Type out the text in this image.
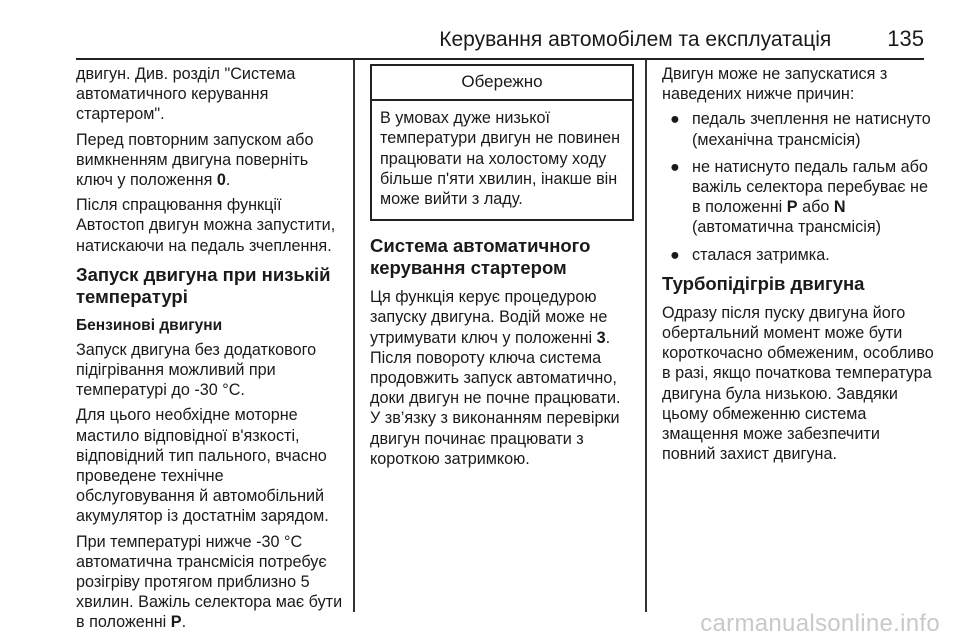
Керування автомобілем та експлуатація	135

двигун. Див. розділ "Система автоматичного керування стартером".

Перед повторним запуском або вимкненням двигуна поверніть ключ у положення 0.

Після спрацювання функції Автостоп двигун можна запустити, натискаючи на педаль зчеплення.

Запуск двигуна при низькій температурі
Бензинові двигуни

Запуск двигуна без додаткового підігрівання можливий при температурі до -30 °C.

Для цього необхідне моторне мастило відповідної в'язкості, відповідний тип пального, вчасно проведене технічне обслуговування й автомобільний акумулятор із достатнім зарядом.

При температурі нижче -30 °C автоматична трансмісія потребує розігріву протягом приблизно 5 хвилин. Важіль селектора має бути в положенні P.

Обережно
В умовах дуже низької температури двигун не повинен працювати на холостому ходу більше п'яти хвилин, інакше він може вийти з ладу.
Система автоматичного керування стартером

Ця функція керує процедурою запуску двигуна. Водій може не утримувати ключ у положенні 3. Після повороту ключа система продовжить запуск автоматично, доки двигун не почне працювати. У зв’язку з виконанням перевірки двигун починає працювати з короткою затримкою.

Двигун може не запускатися з наведених нижче причин:

● педаль зчеплення не натиснуто (механічна трансмісія)
● не натиснуто педаль гальм або важіль селектора перебуває не в положенні P або N (автоматична трансмісія)
● сталася затримка.
Турбопідігрів двигуна

Одразу після пуску двигуна його обертальний момент може бути короткочасно обмеженим, особливо в разі, якщо початкова температура двигуна була низькою. Завдяки цьому обмеженню система змащення може забезпечити повний захист двигуна.

carmanualsonline.info
